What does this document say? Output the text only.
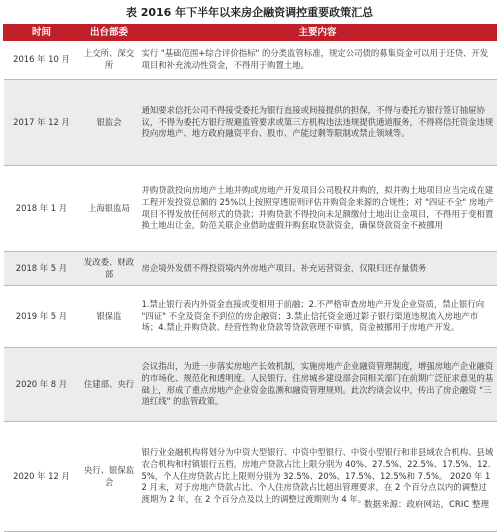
表 2016 年下半年以来房企融资调控重要政策汇总
时间	出台部委	主要内容
2016 年 10 月	上交所、深交所	实行 "基础范围+综合评价指标" 的分类监管标准，规定公司债的募集资金可以用于还贷、开发项目和补充流动性资金，不得用于购置土地。
2017 年 12 月	银监会	通知要求信托公司不得接受委托为银行直接或间接提供的担保，不得与委托方银行签订抽屉协议，不得为委托方银行规避监管要求或第三方机构违法违规提供通道服务，不得将信托资金违规投向房地产、地方政府融资平台、股市、产能过剩等限制或禁止领域等。
2018 年 1 月	上海银监局	并购贷款投向房地产土地并购或房地产开发项目公司股权并购的，拟并购土地项目应当完成在建工程开发投资总额的 25%以上按照穿透原则评估并购资金来源的合规性；对 "四证不全" 房地产项目不得发放任何形式的贷款；并购贷款不得投向未足额缴付土地出让金项目，不得用于变相置换土地出让金，防范关联企业借助虚假并购套取贷款资金，确保贷款资金不被挪用
2018 年 5 月	发改委、财政部	房企境外发债不得投资境内外房地产项目、补充运营资金，仅限归还存量债务
2019 年 5 月	银保监	1.禁止银行表内外资金直接或变相用于前融；2.不严格审查房地产开发企业资质，禁止银行向 "四证" 不全及资金不到位的房企融资；3.禁止信托资金通过影子银行渠道违规流入房地产市场；4.禁止并购贷款、经营性物业贷款等贷款管理不审慎，资金被挪用于房地产开发。
2020 年 8 月	住建部、央行	会议指出，为进一步落实房地产长效机制，实施房地产企业融资管理制度，增强房地产企业融资的市场化、规范化和透明度。人民银行、住房城乡建设部会同相关部门在前期广泛征求意见的基础上，形成了重点房地产企业资金监测和融资管理规则。此次约谈会议中，传出了房企融资 "三道红线" 的监管政策。
2020 年 12 月	央行、银保监会	银行业金融机构将划分为中资大型银行、中资中型银行、中资小型银行和非县域农合机构、县域农合机构和村镇银行五档，房地产贷款占比上限分别为 40%、27.5%、22.5%、17.5%、12.5%，个人住房贷款占比上限则分别为 32.5%、20%、17.5%、12.5%和 7.5%。 2020 年 12 月末，对于房地产贷款占比、个人住房贷款占比超出管理要求，在 2 个百分点以内的调整过渡期为 2 年，在 2 个百分点及以上的调整过渡期则为 4 年。
数据来源：政府网站，CRIC 整理
